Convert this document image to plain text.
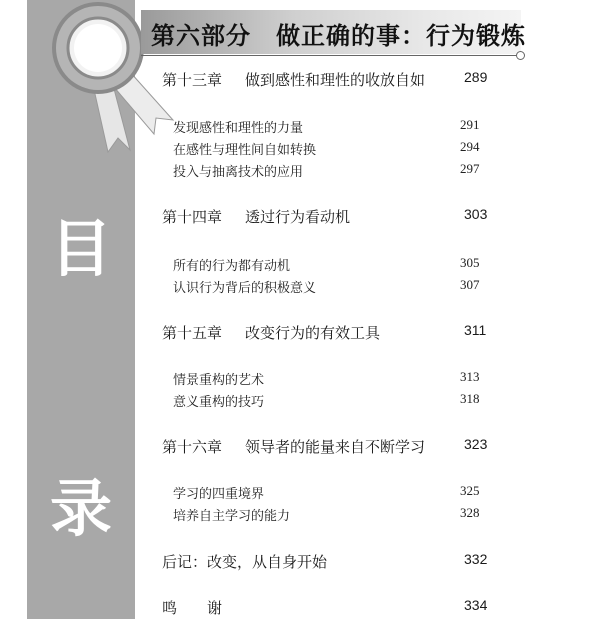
目
录
第六部分　做正确的事：行为锻炼
第十三章 做到感性和理性的收放自如	289
发现感性和理性的力量	291
在感性与理性间自如转换	294
投入与抽离技术的应用	297
第十四章 透过行为看动机	303
所有的行为都有动机	305
认识行为背后的积极意义	307
第十五章 改变行为的有效工具	311
情景重构的艺术	313
意义重构的技巧	318
第十六章 领导者的能量来自不断学习	323
学习的四重境界	325
培养自主学习的能力	328
后记：改变，从自身开始	332
鸣　　谢	334
